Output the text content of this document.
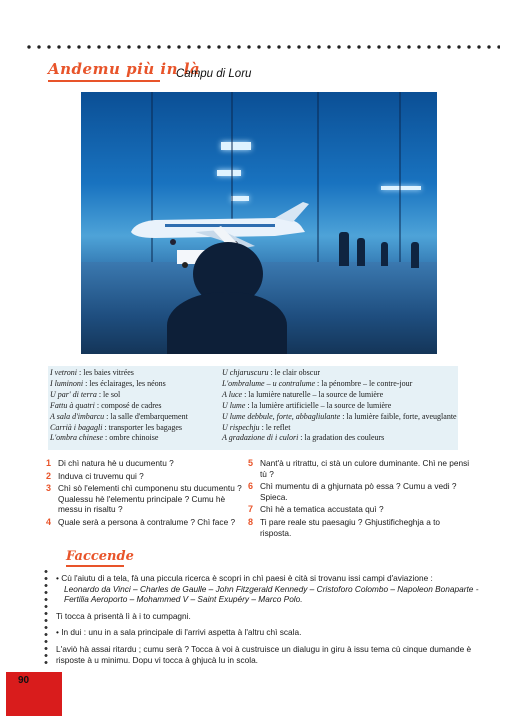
Andemu più in là
Campu di Loru
I vetroni : les baies vitrées
I luminoni : les éclairages, les néons
U par' di terra : le sol
Fattu à quatri : composé de cadres
A sala d'imbarcu : la salle d'embarquement
Carrià i bagagli : transporter les bagages
L'ombra chinese : ombre chinoise
U chjaruscuru : le clair obscur
L'ombralume – u contralume : la pénombre – le contre-jour
A luce : la lumière naturelle – la source de lumière
U lume : la lumière artificielle – la source de lumière
U lume debbule, forte, abbagliulante : la lumière faible, forte, aveuglante
U rispechju : le reflet
A gradazione di i culori : la gradation des couleurs
1 Di chì natura hè u ducumentu ?
2 Induva ci truvemu qui ?
3 Chì sò l'elementi chì cumponenu stu ducumentu ? Qualessu hè l'elementu principale ? Cumu hè messu in risaltu ?
4 Quale serà a persona à contralume ? Chì face ?
5 Nant'à u ritrattu, ci stà un culore duminante. Chì ne pensi tù ?
6 Chì mumentu di a ghjurnata pò essa ? Cumu a vedi ? Spieca.
7 Chì hè a tematica accustata quì ?
8 Ti pare reale stu paesagiu ? Ghjustificheghja a to risposta.
Faccende

• Cù l'aiutu di a tela, fà una piccula ricerca è scopri in chì paesi è cità si trovanu issi campi d'aviazione :
Leonardo da Vinci – Charles de Gaulle – John Fitzgerald Kennedy – Cristoforo Colombo – Napoleon Bonaparte - Fertilia Aeroporto – Mohammed V – Saint Exupéry – Marco Polo.

Ti tocca à prisentà lì à i to cumpagni.

• In dui : unu in a sala principale di l'arrivi aspetta à l'altru chì scala.

L'aviò hà assai ritardu ; cumu serà ? Tocca à voi à custruisce un dialugu in giru à issu tema cù cinque dumande è risposte à u minimu. Dopu vi tocca à ghjucà lu in scola.

90
